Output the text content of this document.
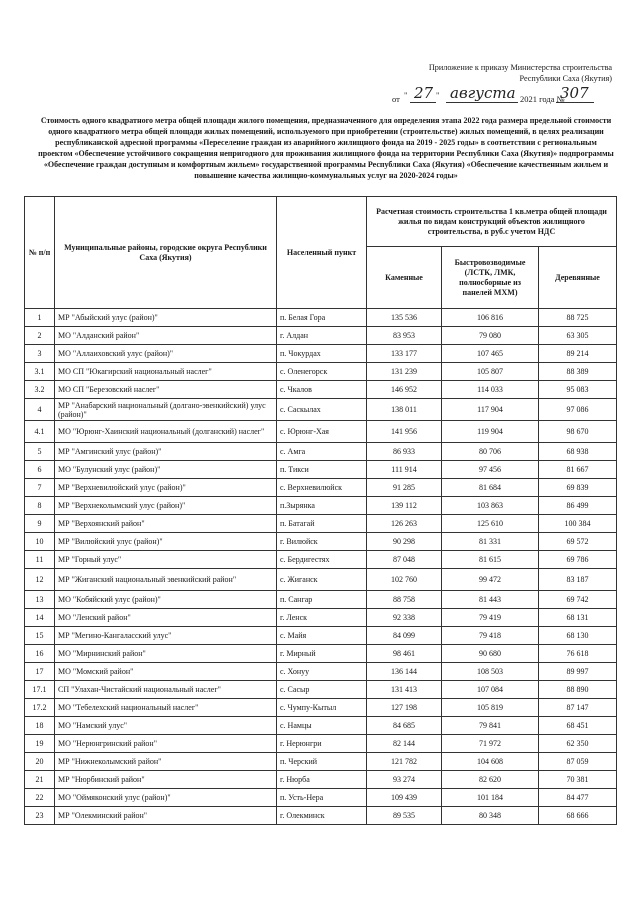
Приложение к приказу Министерства строительства
Республики Саха (Якутия)
от " 27 " августа 2021 года №
307
Стоимость одного квадратного метра общей площади жилого помещения, предназначенного для определения этапа 2022 года размера предельной стоимости одного квадратного метра общей площади жилых помещений, используемого при приобретении (строительстве) жилых помещений, в целях реализации республиканской адресной программы «Переселение граждан из аварийного жилищного фонда на 2019 - 2025 годы» в соответствии с региональным проектом «Обеспечение устойчивого сокращения непригодного для проживания жилищного фонда на территории Республики Саха (Якутия)» подпрограммы «Обеспечение граждан доступным и комфортным жильем» государственной программы Республики Саха (Якутия) «Обеспечение качественным жильем и повышение качества жилищно-коммунальных услуг на 2020-2024 годы»
№ п/п	Муниципальные районы, городские округа Республики Саха (Якутия)	Населенный пункт	Расчетная стоимость строительства 1 кв.метра общей площади жилья по видам конструкций объектов жилищного строительства, в руб.с учетом НДС		
			Каменные	Быстровозводимые (ЛСТК, ЛМК, полносборные из панелей МХМ)	Деревянные
1	МР "Абыйский улус (район)"	п. Белая Гора	135 536	106 816	88 725
2	МО "Алданский район"	г. Алдан	83 953	79 080	63 305
3	МО "Аллаиховский улус (район)"	п. Чокурдах	133 177	107 465	89 214
3.1	МО СП "Юкагирский национальный наслег"	с. Оленегорск	131 239	105 807	88 389
3.2	МО СП "Березовский наслег"	с. Чкалов	146 952	114 033	95 083
4	МР "Анабарский национальный (долгано-эвенкийский) улус (район)"	с. Саскылах	138 011	117 904	97 086
4.1	МО "Юрюнг-Хаинский национальный (долганский) наслег"	с. Юрюнг-Хая	141 956	119 904	98 670
5	МР "Амгинский улус (район)"	с. Амга	86 933	80 706	68 938
6	МО "Булунский улус (район)"	п. Тикси	111 914	97 456	81 667
7	МР "Верхневилюйский улус (район)"	с. Верхневилюйск	91 285	81 684	69 839
8	МР "Верхнеколымский улус (район)"	п.Зырянка	139 112	103 863	86 499
9	МР "Верхоянский район"	п. Батагай	126 263	125 610	100 384
10	МР "Вилюйский улус (район)"	г. Вилюйск	90 298	81 331	69 572
11	МР "Горный улус"	с. Бердигестях	87 048	81 615	69 786
12	МР "Жиганский национальный эвенкийский район"	с. Жиганск	102 760	99 472	83 187
13	МО "Кобяйский улус (район)"	п. Сангар	88 758	81 443	69 742
14	МО "Ленский район"	г. Ленск	92 338	79 419	68 131
15	МР "Мегино-Кангаласский улус"	с. Майя	84 099	79 418	68 130
16	МО "Мирнинский район"	г. Мирный	98 461	90 680	76 618
17	МО "Момский район"	с. Хонуу	136 144	108 503	89 997
17.1	СП "Улахан-Чистайский национальный наслег"	с. Сасыр	131 413	107 084	88 890
17.2	МО "Тебелехский национальный наслег"	с. Чумпу-Кытыл	127 198	105 819	87 147
18	МО "Намский улус"	с. Намцы	84 685	79 841	68 451
19	МО "Нерюнгринский район"	г. Нерюнгри	82 144	71 972	62 350
20	МР "Нижнеколымский район"	п. Черский	121 782	104 608	87 059
21	МР "Нюрбинский район"	г. Нюрба	93 274	82 620	70 381
22	МО "Оймяконский улус (район)"	п. Усть-Нера	109 439	101 184	84 477
23	МР "Олекминский район"	г. Олекминск	89 535	80 348	68 666
